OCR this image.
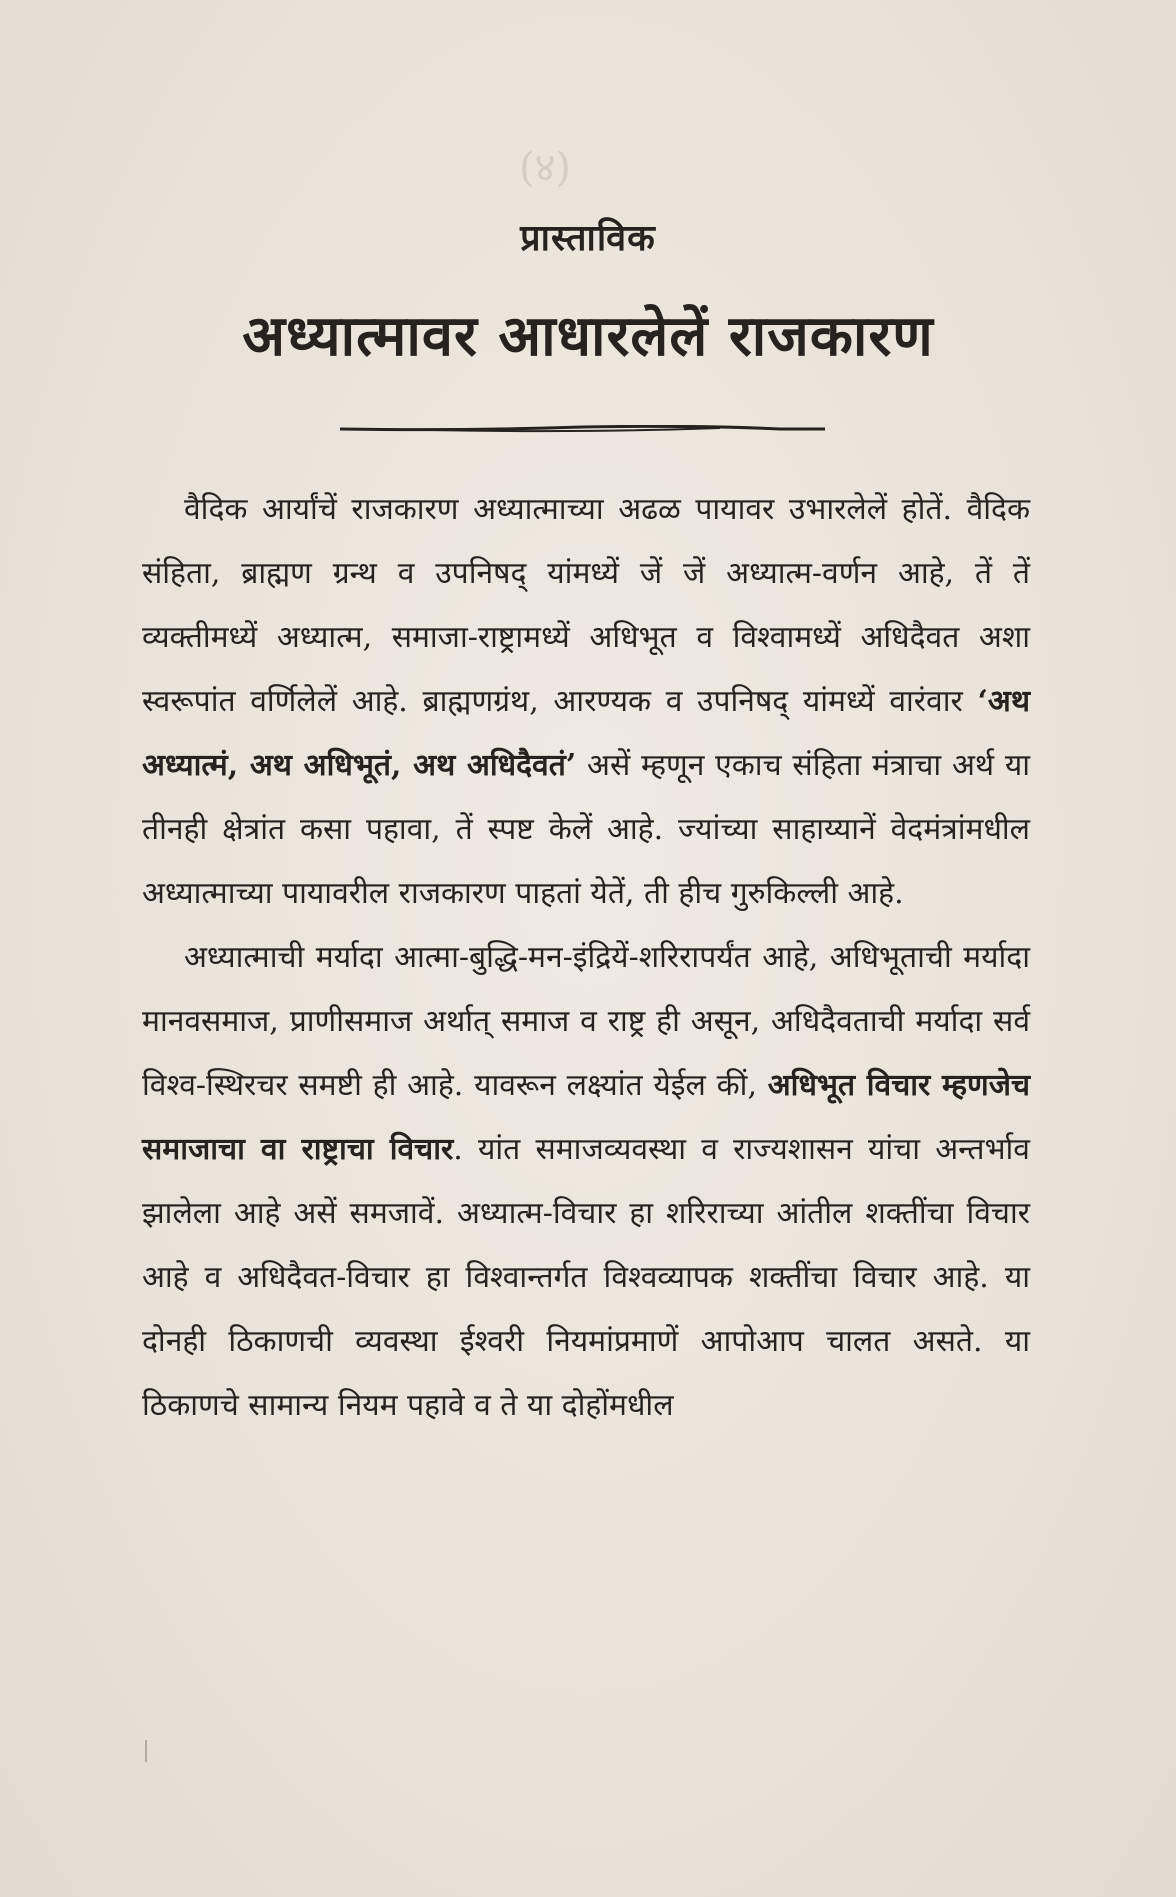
(४)
प्रास्ताविक
अध्यात्मावर आधारलेलें राजकारण

वैदिक आर्यांचें राजकारण अध्यात्माच्या अढळ पायावर उभारलेलें होतें. वैदिक संहिता, ब्राह्मण ग्रन्थ व उपनिषद् यांमध्यें जें जें अध्यात्म-वर्णन आहे, तें तें व्यक्तीमध्यें अध्यात्म, समाजा-राष्ट्रामध्यें अधिभूत व विश्वामध्यें अधिदैवत अशा स्वरूपांत वर्णिलेलें आहे. ब्राह्मणग्रंथ, आरण्यक व उपनिषद् यांमध्यें वारंवार ‘अथ अध्यात्मं, अथ अधिभूतं, अथ अधिदैवतं’ असें म्हणून एकाच संहिता मंत्राचा अर्थ या तीनही क्षेत्रांत कसा पहावा, तें स्पष्ट केलें आहे. ज्यांच्या साहाय्यानें वेदमंत्रांमधील अध्यात्माच्या पायावरील राजकारण पाहतां येतें, ती हीच गुरुकिल्ली आहे.

अध्यात्माची मर्यादा आत्मा-बुद्धि-मन-इंद्रियें-शरिरापर्यंत आहे, अधिभूताची मर्यादा मानवसमाज, प्राणीसमाज अर्थात् समाज व राष्ट्र ही असून, अधिदैवताची मर्यादा सर्व विश्व-स्थिरचर समष्टी ही आहे. यावरून लक्ष्यांत येईल कीं, अधिभूत विचार म्हणजेच समाजाचा वा राष्ट्राचा विचार. यांत समाजव्यवस्था व राज्यशासन यांचा अन्तर्भाव झालेला आहे असें समजावें. अध्यात्म-विचार हा शरिराच्या आंतील शक्तींचा विचार आहे व अधिदैवत-विचार हा विश्वान्तर्गत विश्वव्यापक शक्तींचा विचार आहे. या दोनही ठिकाणची व्यवस्था ईश्वरी नियमांप्रमाणें आपोआप चालत असते. या ठिकाणचे सामान्य नियम पहावे व ते या दोहोंमधील
